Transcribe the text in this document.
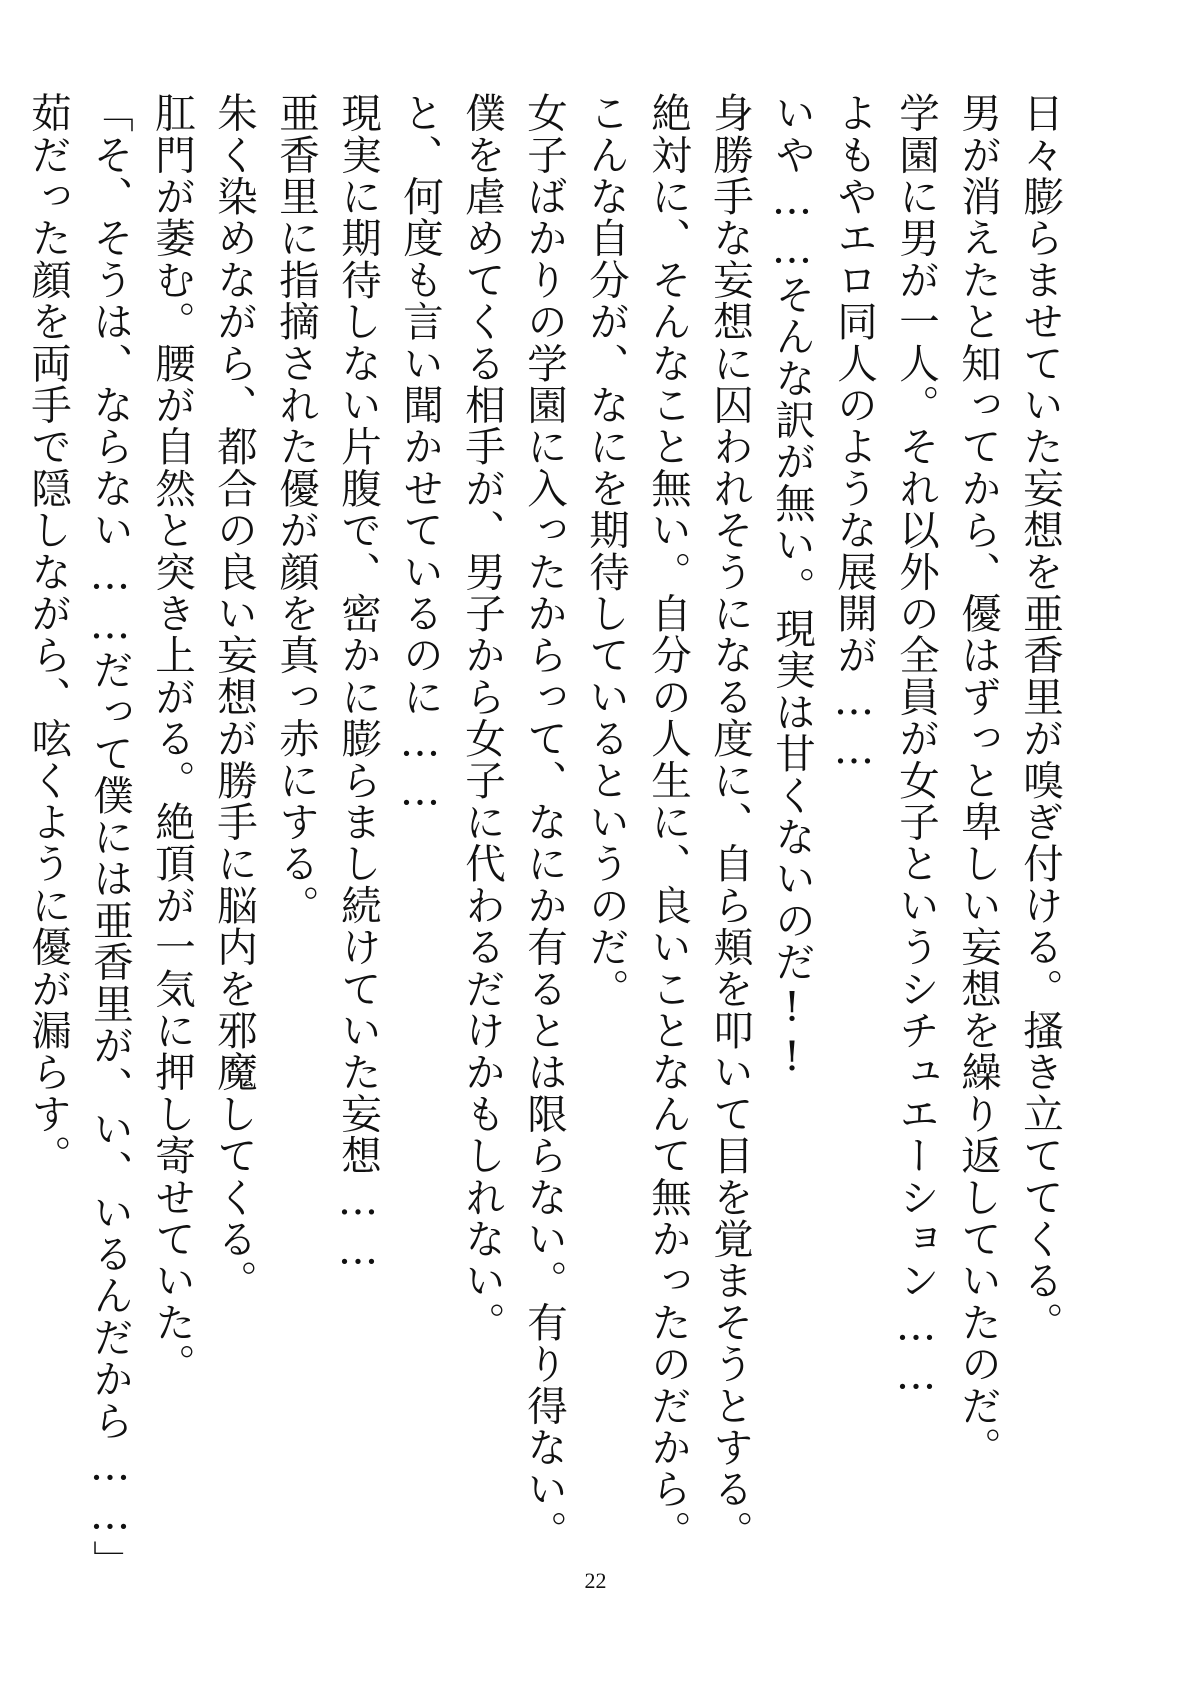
日々膨らませていた妄想を亜香里が嗅ぎ付ける。搔き立ててくる。
男が消えたと知ってから、優はずっと卑しい妄想を繰り返していたのだ。
学園に男が一人。それ以外の全員が女子というシチュエーション……
よもやエロ同人のような展開が……
いや……そんな訳が無い。現実は甘くないのだ!!
身勝手な妄想に囚われそうになる度に、自ら頬を叩いて目を覚まそうとする。
絶対に、そんなこと無い。自分の人生に、良いことなんて無かったのだから。
こんな自分が、なにを期待しているというのだ。
女子ばかりの学園に入ったからって、なにか有るとは限らない。有り得ない。
僕を虐めてくる相手が、男子から女子に代わるだけかもしれない。
と、何度も言い聞かせているのに……
現実に期待しない片腹で、密かに膨らまし続けていた妄想……
亜香里に指摘された優が顔を真っ赤にする。
朱く染めながら、都合の良い妄想が勝手に脳内を邪魔してくる。
肛門が萎む。腰が自然と突き上がる。絶頂が一気に押し寄せていた。
「そ、そうは、ならない……だって僕には亜香里が、い、いるんだから……」
茹だった顔を両手で隠しながら、呟くように優が漏らす。
22
